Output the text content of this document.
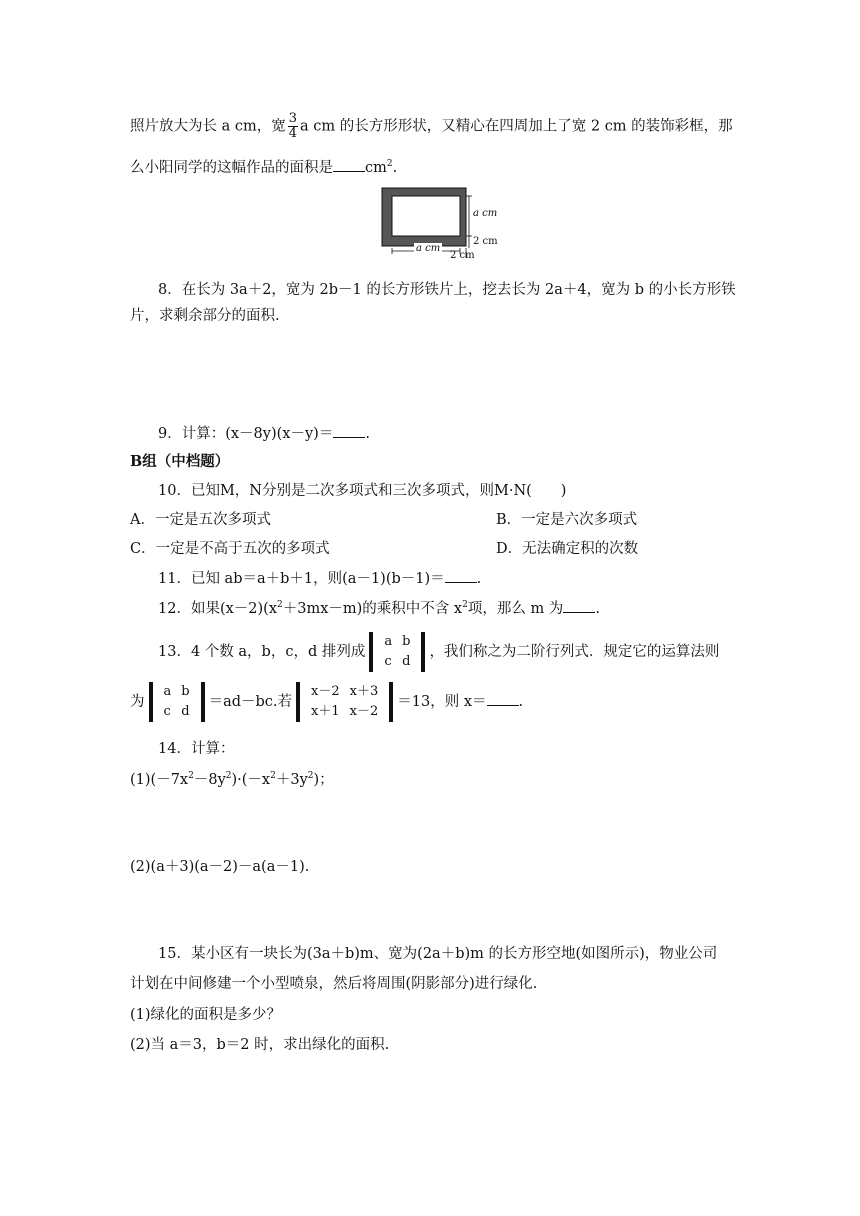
照片放大为长 a cm，宽 $\frac{3}{4}$ a cm 的长方形形状，又精心在四周加上了宽 2 cm 的装饰彩框，那
么小阳同学的这幅作品的面积是 $cm^2$.
a cm
2 cm
a cm
2 cm
8．在长为 3a＋2，宽为 2b－1 的长方形铁片上，挖去长为 2a＋4，宽为 b 的小长方形铁
片，求剩余部分的面积.
9．计算：(x－8y)(x－y)＝ .
B组（中档题）
10．已知M，N分别是二次多项式和三次多项式，则M·N(　　)
A．一定是五次多项式	B．一定是六次多项式
C．一定是不高于五次的多项式	D．无法确定积的次数
11．已知 ab＝a＋b＋1，则(a－1)(b－1)＝ .
12．如果$(x-2)(x^2+3mx-m)$的乘积中不含 $x^2$项，那么 m 为 .
13．4 个数 a，b，c，d 排列成
a	b
c	d
，我们称之为二阶行列式．规定它的运算法则
为
a	b
c	d
＝ad－bc.若
x－2	x＋3
x＋1	x－2
＝13，则 x＝ .
14．计算：
$(1)(-7x^2-8y^2)\cdot(-x^2+3y^2)$；
(2)(a＋3)(a－2)－a(a－1).
15．某小区有一块长为(3a＋b)m、宽为(2a＋b)m 的长方形空地(如图所示)，物业公司
计划在中间修建一个小型喷泉，然后将周围(阴影部分)进行绿化.
(1)绿化的面积是多少？
(2)当 a＝3，b＝2 时，求出绿化的面积.
